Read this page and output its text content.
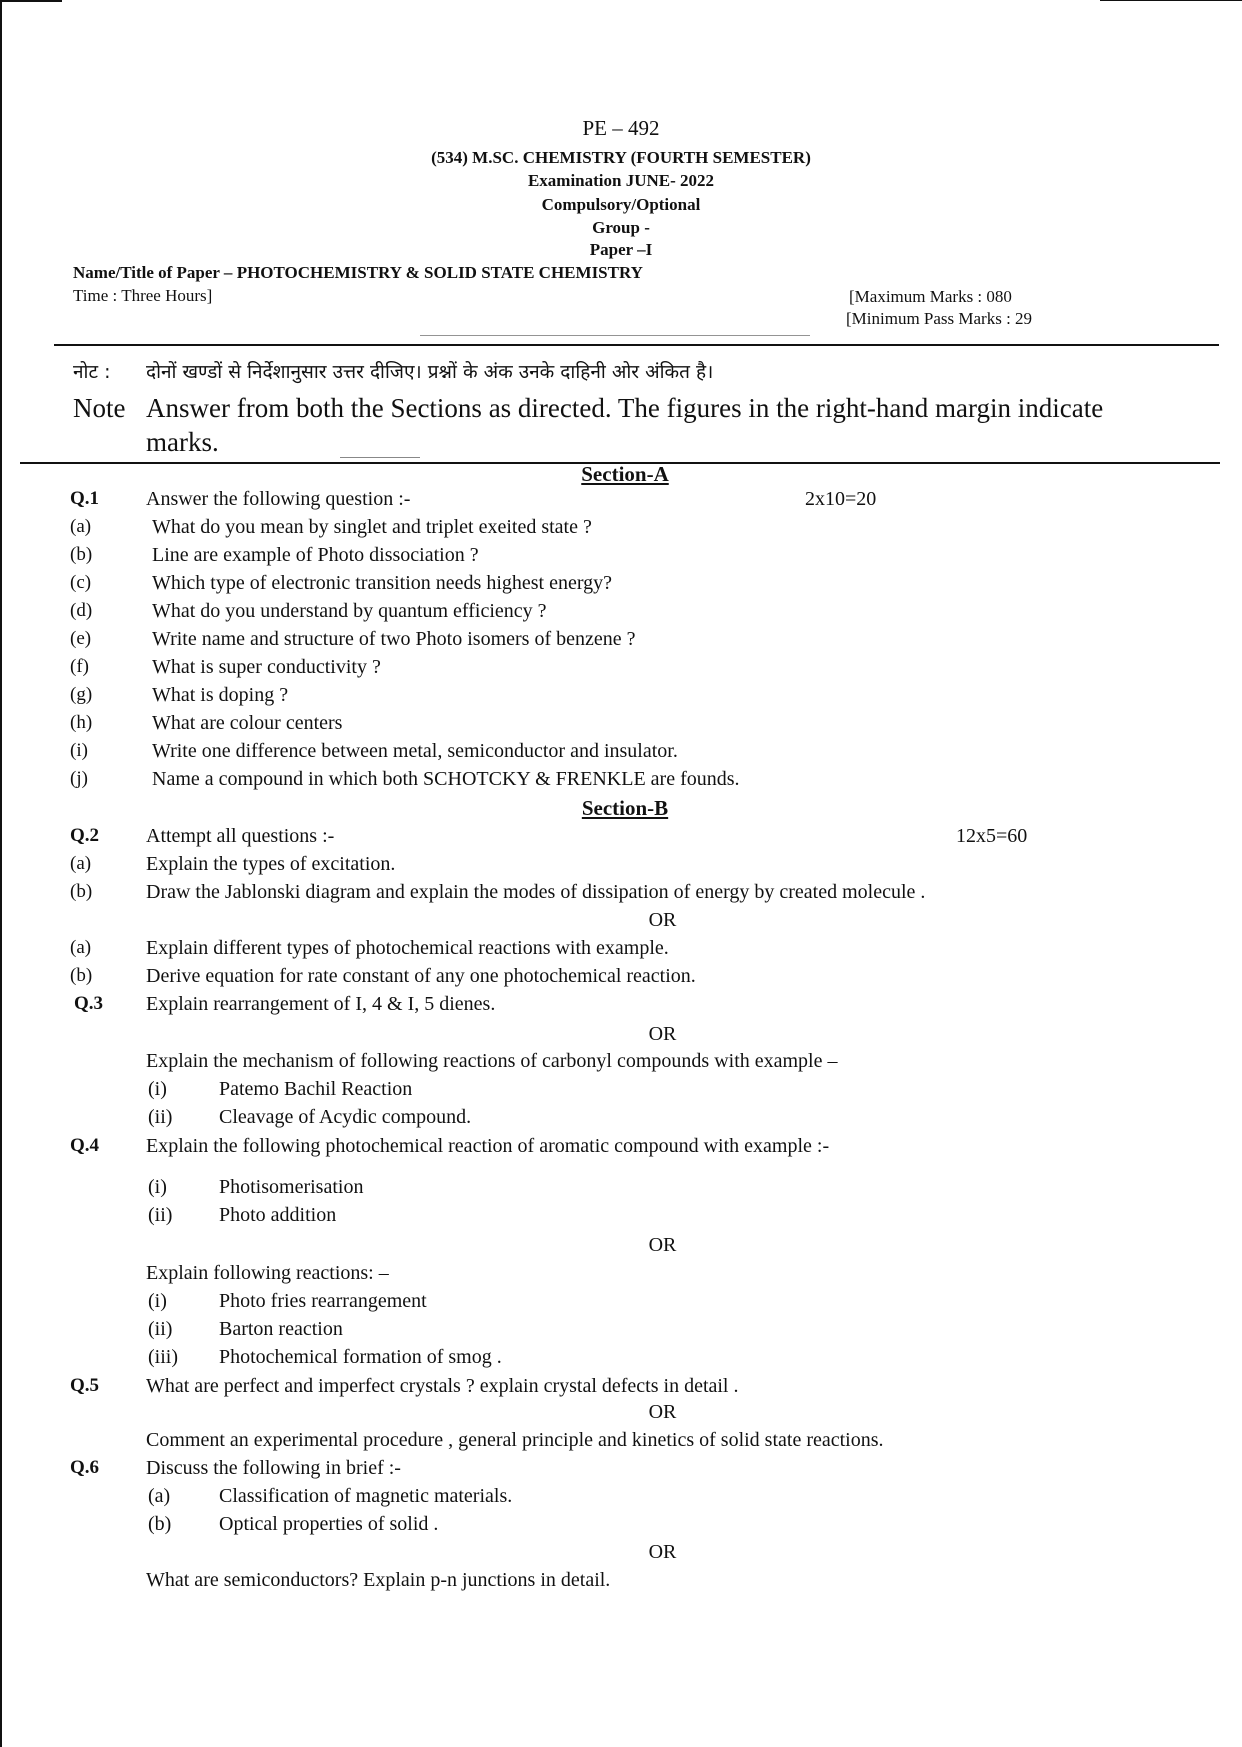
PE – 492
(534) M.SC. CHEMISTRY (FOURTH SEMESTER)
Examination JUNE- 2022
Compulsory/Optional
Group -
Paper –I
Name/Title of Paper – PHOTOCHEMISTRY & SOLID STATE CHEMISTRY
Time : Three Hours]	[Maximum Marks : 080
[Minimum Pass Marks : 29
नोट : दोनों खण्डों से निर्देशानुसार उत्तर दीजिए। प्रश्नों के अंक उनके दाहिनी ओर अंकित है।
Note Answer from both the Sections as directed. The figures in the right-hand margin indicate
marks.
Section-A
Q.1 Answer the following question :-	2x10=20
(a)	What do you mean by singlet and triplet exeited state ?
(b)	Line are example of Photo dissociation ?
(c)	Which type of electronic transition needs highest energy?
(d)	What do you understand by quantum efficiency ?
(e)	Write name and structure of two Photo isomers of benzene ?
(f)	What is super conductivity ?
(g)	What is doping ?
(h)	What are colour centers
(i)	Write one difference between metal, semiconductor and insulator.
(j)	Name a compound in which both SCHOTCKY & FRENKLE are founds.
Section-B
Q.2 Attempt all questions :-	12x5=60
(a)	Explain the types of excitation.
(b)	Draw the Jablonski diagram and explain the modes of dissipation of energy by created molecule .
OR
(a)	Explain different types of photochemical reactions with example.
(b)	Derive equation for rate constant of any one photochemical reaction.
Q.3 Explain rearrangement of I, 4 & I, 5 dienes.
OR
Explain the mechanism of following reactions of carbonyl compounds with example –
(i)	Patemo Bachil Reaction
(ii) Cleavage of Acydic compound.
Q.4 Explain the following photochemical reaction of aromatic compound with example :-
(i)	Photisomerisation
(ii) Photo addition
OR
Explain following reactions: –
(i)	Photo fries rearrangement
(ii) Barton reaction
(iii) Photochemical formation of smog .
Q.5 What are perfect and imperfect crystals ? explain crystal defects in detail .
OR
Comment an experimental procedure , general principle and kinetics of solid state reactions.
Q.6 Discuss the following in brief :-
(a) Classification of magnetic materials.
(b) Optical properties of solid .
OR
What are semiconductors? Explain p-n junctions in detail.
